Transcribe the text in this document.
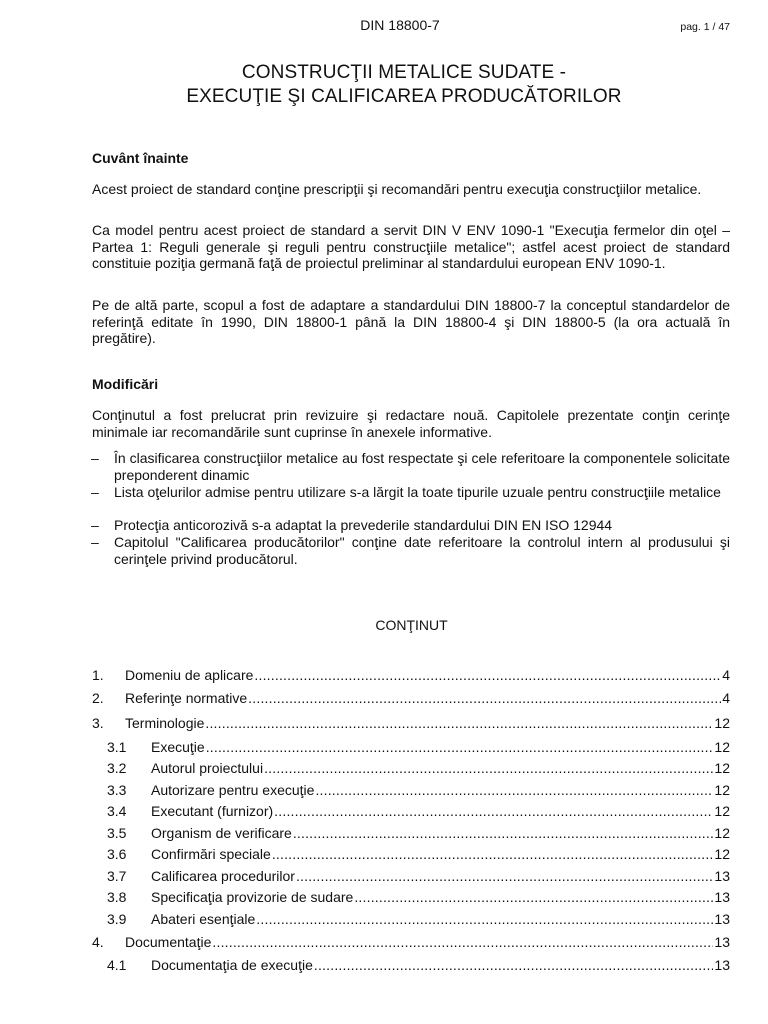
DIN 18800-7	pag. 1 / 47
CONSTRUCŢII METALICE SUDATE -
EXECUŢIE ŞI CALIFICAREA PRODUCĂTORILOR
Cuvânt înainte

Acest proiect de standard conţine prescripţii şi recomandări pentru execuţia construcţiilor metalice.

Ca model pentru acest proiect de standard a servit DIN V ENV 1090-1 "Execuţia fermelor din oţel – Partea 1: Reguli generale şi reguli pentru construcţiile metalice"; astfel acest proiect de standard constituie poziţia germană faţă de proiectul preliminar al standardului european ENV 1090-1.

Pe de altă parte, scopul a fost de adaptare a standardului DIN 18800-7 la conceptul standardelor de referinţă editate în 1990, DIN 18800-1 până la DIN 18800-4 şi DIN 18800-5 (la ora actuală în pregătire).

Modificări

Conţinutul a fost prelucrat prin revizuire şi redactare nouă. Capitolele prezentate conţin cerinţe minimale iar recomandările sunt cuprinse în anexele informative.

– În clasificarea construcţiilor metalice au fost respectate şi cele referitoare la componentele solicitate preponderent dinamic
– Lista oţelurilor admise pentru utilizare s-a lărgit la toate tipurile uzuale pentru construcţiile metalice
– Protecţia anticorozivă s-a adaptat la prevederile standardului DIN EN ISO 12944
– Capitolul "Calificarea producătorilor" conţine date referitoare la controlul intern al produsului şi cerinţele privind producătorul.
CONŢINUT
1.	Domeniu de aplicare .....	4
2.	Referinţe normative .....	4
3.	Terminologie .....	12
3.1	Execuţie .....	12
3.2	Autorul proiectului .....	12
3.3	Autorizare pentru execuţie .....	12
3.4	Executant (furnizor) .....	12
3.5	Organism de verificare .....	12
3.6	Confirmări speciale .....	12
3.7	Calificarea procedurilor .....	13
3.8	Specificaţia provizorie de sudare .....	13
3.9	Abateri esenţiale .....	13
4.	Documentaţie .....	13
4.1	Documentaţia de execuţie .....	13
